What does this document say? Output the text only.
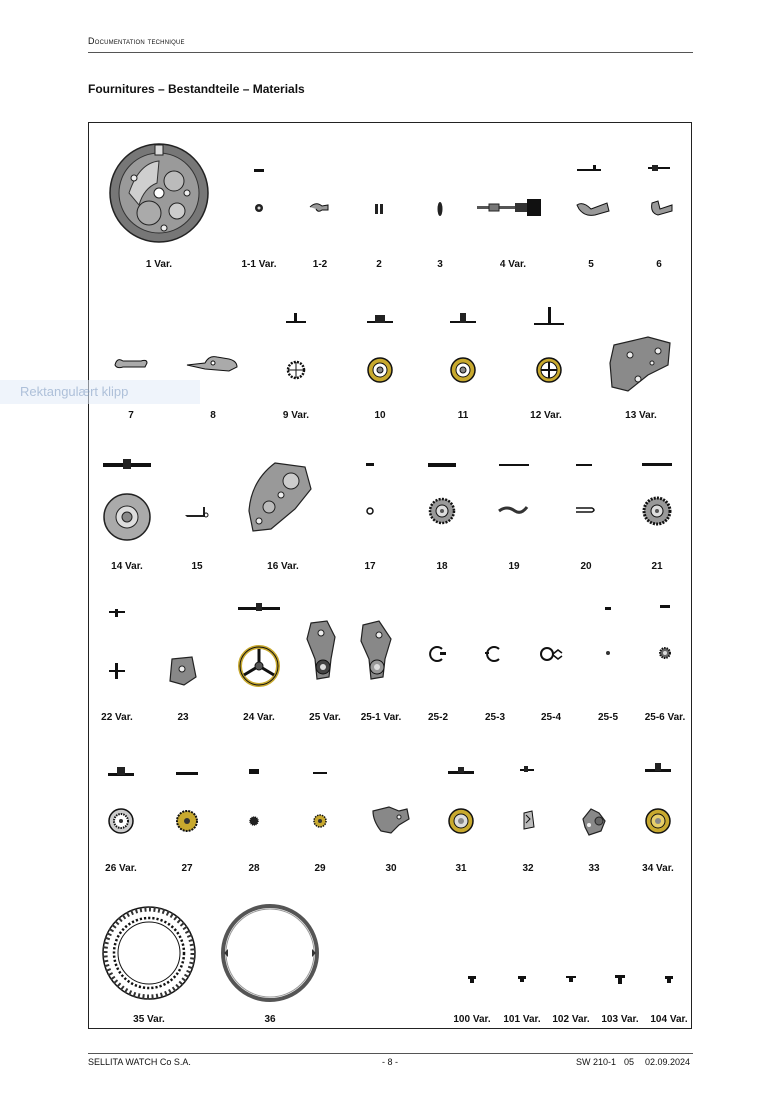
Documentation technique
Fournitures – Bestandteile – Materials
1 Var.	1-1 Var.	1-2	2	3	4 Var.	5	6
7	8	9 Var.	10	11	12 Var.	13 Var.
14 Var.	15	16 Var.	17	18	19	20	21
22 Var.	23	24 Var.	25 Var.	25-1 Var.	25-2	25-3	25-4	25-5	25-6 Var.
26 Var.	27	28	29	30	31	32	33	34 Var.
35 Var.	36	100 Var.	101 Var.	102 Var.	103 Var.	104 Var.
Rektangulært klipp
SELLITA WATCH Co S.A.	- 8 -	SW 210-1 05 02.09.2024
